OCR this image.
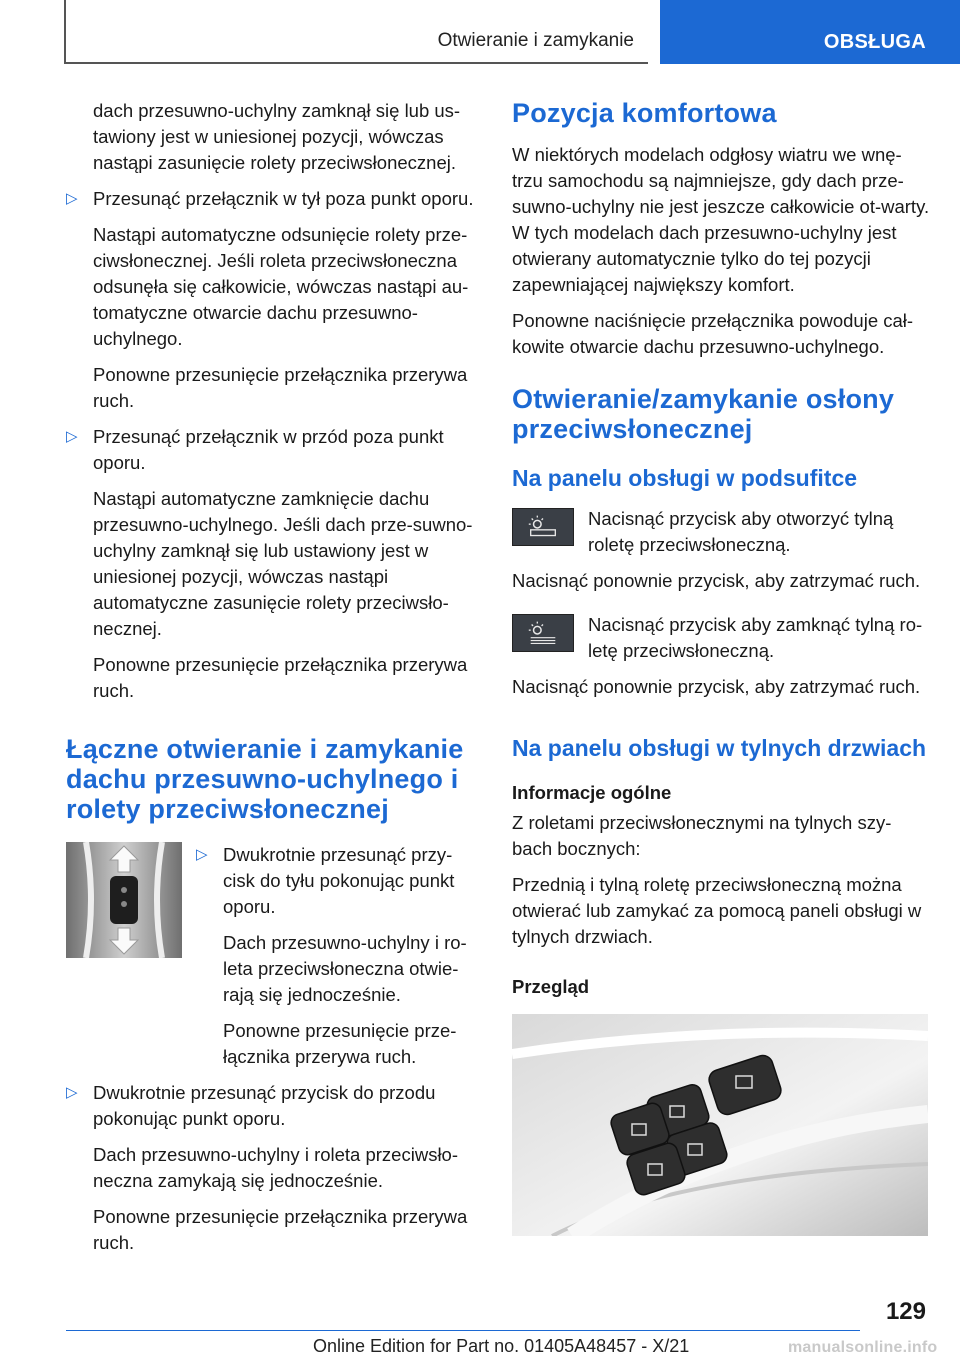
Otwieranie i zamykanie	OBSŁUGA

dach przesuwno-uchylny zamknął się lub us-tawiony jest w uniesionej pozycji, wówczas nastąpi zasunięcie rolety przeciwsłonecznej.

▷ Przesunąć przełącznik w tył poza punkt oporu.

Nastąpi automatyczne odsunięcie rolety prze-ciwsłonecznej. Jeśli roleta przeciwsłoneczna odsunęła się całkowicie, wówczas nastąpi au-tomatyczne otwarcie dachu przesuwno-uchylnego.

Ponowne przesunięcie przełącznika przerywa ruch.

▷ Przesunąć przełącznik w przód poza punkt oporu.

Nastąpi automatyczne zamknięcie dachu przesuwno-uchylnego. Jeśli dach prze-suwno-uchylny zamknął się lub ustawiony jest w uniesionej pozycji, wówczas nastąpi automatyczne zasunięcie rolety przeciwsło-necznej.

Ponowne przesunięcie przełącznika przerywa ruch.

Łączne otwieranie i zamykanie dachu przesuwno-uchylnego i rolety przeciwsłonecznej
▷ Dwukrotnie przesunąć przy-cisk do tyłu pokonując punkt oporu.

Dach przesuwno-uchylny i ro-leta przeciwsłoneczna otwie-rają się jednocześnie.

Ponowne przesunięcie prze-łącznika przerywa ruch.

▷ Dwukrotnie przesunąć przycisk do przodu pokonując punkt oporu.

Dach przesuwno-uchylny i roleta przeciwsło-neczna zamykają się jednocześnie.

Ponowne przesunięcie przełącznika przerywa ruch.

Pozycja komfortowa

W niektórych modelach odgłosy wiatru we wnę-trzu samochodu są najmniejsze, gdy dach prze-suwno-uchylny nie jest jeszcze całkowicie ot-warty. W tych modelach dach przesuwno-uchylny jest otwierany automatycznie tylko do tej pozycji zapewniającej największy komfort.

Ponowne naciśnięcie przełącznika powoduje cał-kowite otwarcie dachu przesuwno-uchylnego.

Otwieranie/zamykanie osłony przeciwsłonecznej
Na panelu obsługi w podsufitce
Nacisnąć przycisk aby otworzyć tylną roletę przeciwsłoneczną.

Nacisnąć ponownie przycisk, aby zatrzymać ruch.

Nacisnąć przycisk aby zamknąć tylną ro-letę przeciwsłoneczną.

Nacisnąć ponownie przycisk, aby zatrzymać ruch.

Na panelu obsługi w tylnych drzwiach
Informacje ogólne

Z roletami przeciwsłonecznymi na tylnych szy-bach bocznych:

Przednią i tylną roletę przeciwsłoneczną można otwierać lub zamykać za pomocą paneli obsługi w tylnych drzwiach.

Przegląd
129
Online Edition for Part no. 01405A48457 - X/21	manualsonline.info
